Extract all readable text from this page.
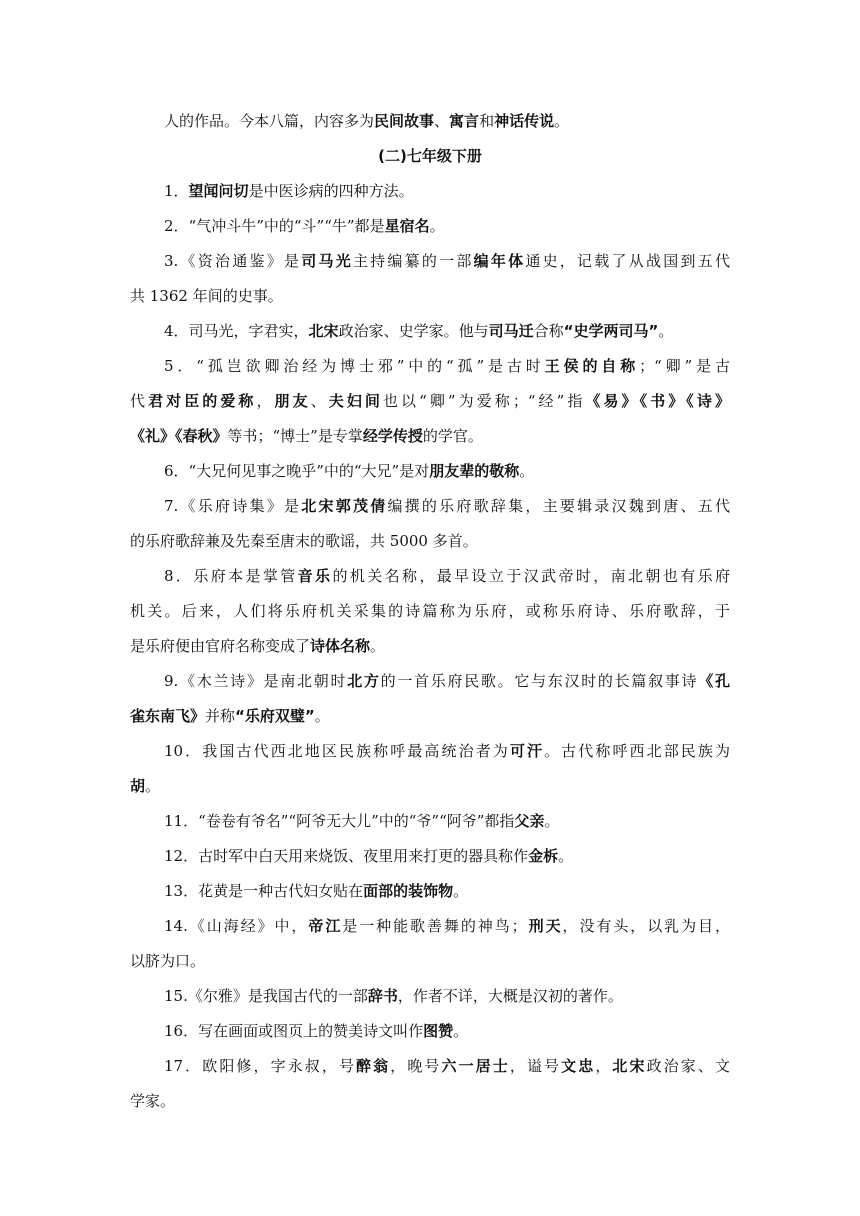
人的作品。今本八篇，内容多为民间故事、寓言和神话传说。

(二)七年级下册

1．望闻问切是中医诊病的四种方法。

2．“气冲斗牛”中的“斗”“牛”都是星宿名。

3.《资治通鉴》是司马光主持编纂的一部编年体通史，记载了从战国到五代

共 1362 年间的史事。

4．司马光，字君实，北宋政治家、史学家。他与司马迁合称“史学两司马”。

5．“孤岂欲卿治经为博士邪”中的“孤”是古时王侯的自称；“卿”是古

代君对臣的爱称，朋友、夫妇间也以“卿”为爱称；“经”指《易》《书》《诗》

《礼》《春秋》等书；“博士”是专掌经学传授的学官。

6．“大兄何见事之晚乎”中的“大兄”是对朋友辈的敬称。

7.《乐府诗集》是北宋郭茂倩编撰的乐府歌辞集，主要辑录汉魏到唐、五代

的乐府歌辞兼及先秦至唐末的歌谣，共 5000 多首。

8．乐府本是掌管音乐的机关名称，最早设立于汉武帝时，南北朝也有乐府

机关。后来，人们将乐府机关采集的诗篇称为乐府，或称乐府诗、乐府歌辞，于

是乐府便由官府名称变成了诗体名称。

9.《木兰诗》是南北朝时北方的一首乐府民歌。它与东汉时的长篇叙事诗《孔

雀东南飞》并称“乐府双璧”。

10．我国古代西北地区民族称呼最高统治者为可汗。古代称呼西北部民族为

胡。

11．“卷卷有爷名”“阿爷无大儿”中的“爷”“阿爷”都指父亲。

12．古时军中白天用来烧饭、夜里用来打更的器具称作金柝。

13．花黄是一种古代妇女贴在面部的装饰物。

14.《山海经》中，帝江是一种能歌善舞的神鸟；刑天，没有头，以乳为目，

以脐为口。

15.《尔雅》是我国古代的一部辞书，作者不详，大概是汉初的著作。

16．写在画面或图页上的赞美诗文叫作图赞。

17．欧阳修，字永叔，号醉翁，晚号六一居士，谥号文忠，北宋政治家、文

学家。
